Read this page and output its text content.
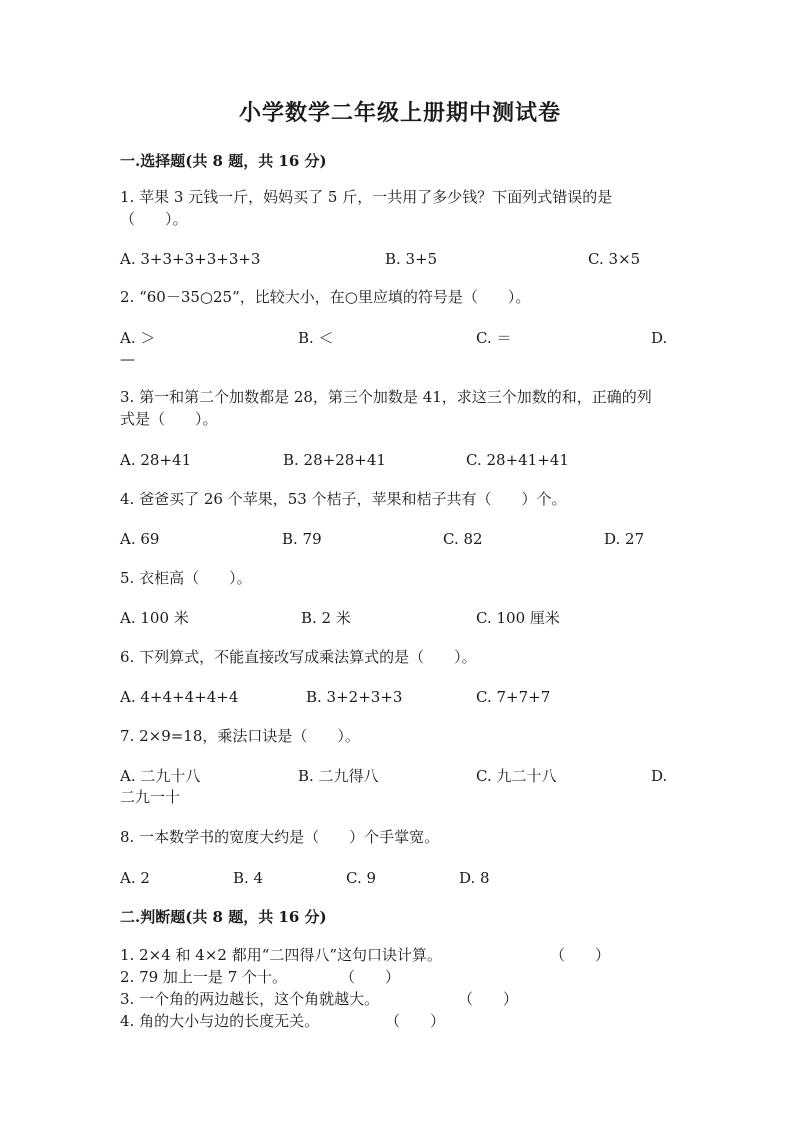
小学数学二年级上册期中测试卷
一.选择题(共 8 题，共 16 分)
1. 苹果 3 元钱一斤，妈妈买了 5 斤，一共用了多少钱？下面列式错误的是
（　　）。
A. 3+3+3+3+3+3	B. 3+5	C. 3×5
2. “60－35○25”，比较大小，在○里应填的符号是（　　）。
A. ＞	B. ＜	C. ＝	D.
—
3. 第一和第二个加数都是 28，第三个加数是 41，求这三个加数的和，正确的列
式是（　　）。
A. 28+41	B. 28+28+41	C. 28+41+41
4. 爸爸买了 26 个苹果，53 个桔子，苹果和桔子共有（　　）个。
A. 69	B. 79	C. 82	D. 27
5. 衣柜高（　　）。
A. 100 米	B. 2 米	C. 100 厘米
6. 下列算式，不能直接改写成乘法算式的是（　　）。
A. 4+4+4+4+4	B. 3+2+3+3	C. 7+7+7
7. 2×9=18，乘法口诀是（　　）。
A. 二九十八	B. 二九得八	C. 九二十八	D.
二九一十
8. 一本数学书的宽度大约是（　　）个手掌宽。
A. 2	B. 4	C. 9	D. 8
二.判断题(共 8 题，共 16 分)
1. 2×4 和 4×2 都用“二四得八”这句口诀计算。	（　　）
2. 79 加上一是 7 个十。	（　　）
3. 一个角的两边越长，这个角就越大。	（　　）
4. 角的大小与边的长度无关。	（　　）
